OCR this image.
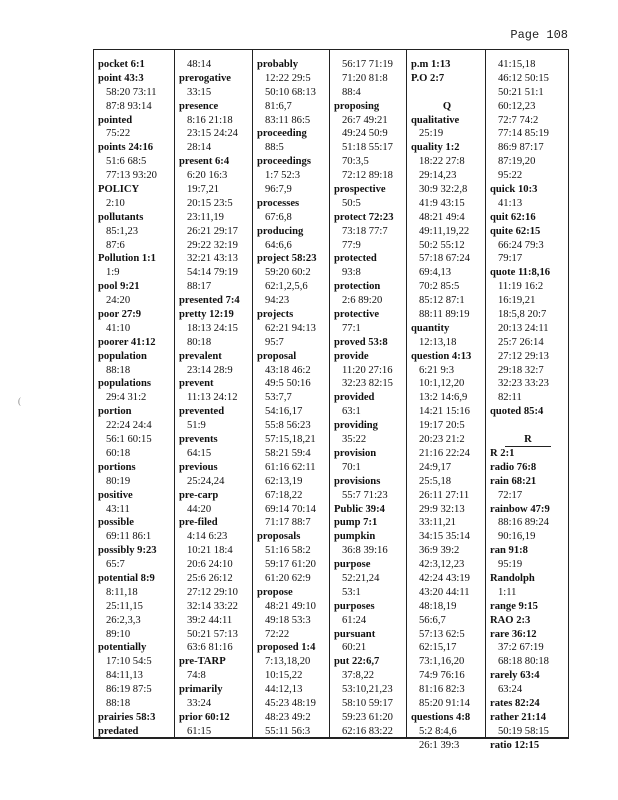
Page 108
(
pocket 6:1
point 43:3
58:20 73:11
87:8 93:14
pointed
75:22
points 24:16
51:6 68:5
77:13 93:20
POLICY
2:10
pollutants
85:1,23
87:6
Pollution 1:1
1:9
pool 9:21
24:20
poor 27:9
41:10
poorer 41:12
population
88:18
populations
29:4 31:2
portion
22:24 24:4
56:1 60:15
60:18
portions
80:19
positive
43:11
possible
69:11 86:1
possibly 9:23
65:7
potential 8:9
8:11,18
25:11,15
26:2,3,3
89:10
potentially
17:10 54:5
84:11,13
86:19 87:5
88:18
prairies 58:3
predated
48:14
prerogative
33:15
presence
8:16 21:18
23:15 24:24
28:14
present 6:4
6:20 16:3
19:7,21
20:15 23:5
23:11,19
26:21 29:17
29:22 32:19
32:21 43:13
54:14 79:19
88:17
presented 7:4
pretty 12:19
18:13 24:15
80:18
prevalent
23:14 28:9
prevent
11:13 24:12
prevented
51:9
prevents
64:15
previous
25:24,24
pre-carp
44:20
pre-filed
4:14 6:23
10:21 18:4
20:6 24:10
25:6 26:12
27:12 29:10
32:14 33:22
39:2 44:11
50:21 57:13
63:6 81:16
pre-TARP
74:8
primarily
33:24
prior 60:12
61:15
probably
12:22 29:5
50:10 68:13
81:6,7
83:11 86:5
proceeding
88:5
proceedings
1:7 52:3
96:7,9
processes
67:6,8
producing
64:6,6
project 58:23
59:20 60:2
62:1,2,5,6
94:23
projects
62:21 94:13
95:7
proposal
43:18 46:2
49:5 50:16
53:7,7
54:16,17
55:8 56:23
57:15,18,21
58:21 59:4
61:16 62:11
62:13,19
67:18,22
69:14 70:14
71:17 88:7
proposals
51:16 58:2
59:17 61:20
61:20 62:9
propose
48:21 49:10
49:18 53:3
72:22
proposed 1:4
7:13,18,20
10:15,22
44:12,13
45:23 48:19
48:23 49:2
55:11 56:3
56:17 71:19
71:20 81:8
88:4
proposing
26:7 49:21
49:24 50:9
51:18 55:17
70:3,5
72:12 89:18
prospective
50:5
protect 72:23
73:18 77:7
77:9
protected
93:8
protection
2:6 89:20
protective
77:1
proved 53:8
provide
11:20 27:16
32:23 82:15
provided
63:1
providing
35:22
provision
70:1
provisions
55:7 71:23
Public 39:4
pump 7:1
pumpkin
36:8 39:16
purpose
52:21,24
53:1
purposes
61:24
pursuant
60:21
put 22:6,7
37:8,22
53:10,21,23
58:10 59:17
59:23 61:20
62:16 83:22
p.m 1:13
P.O 2:7
Q
qualitative
25:19
quality 1:2
18:22 27:8
29:14,23
30:9 32:2,8
41:9 43:15
48:21 49:4
49:11,19,22
50:2 55:12
57:18 67:24
69:4,13
70:2 85:5
85:12 87:1
88:11 89:19
quantity
12:13,18
question 4:13
6:21 9:3
10:1,12,20
13:2 14:6,9
14:21 15:16
19:17 20:5
20:23 21:2
21:16 22:24
24:9,17
25:5,18
26:11 27:11
29:9 32:13
33:11,21
34:15 35:14
36:9 39:2
42:3,12,23
42:24 43:19
43:20 44:11
48:18,19
56:6,7
57:13 62:5
62:15,17
73:1,16,20
74:9 76:16
81:16 82:3
85:20 91:14
questions 4:8
5:2 8:4,6
26:1 39:3
41:15,18
46:12 50:15
50:21 51:1
60:12,23
72:7 74:2
77:14 85:19
86:9 87:17
87:19,20
95:22
quick 10:3
41:13
quit 62:16
quite 62:15
66:24 79:3
79:17
quote 11:8,16
11:19 16:2
16:19,21
18:5,8 20:7
20:13 24:11
25:7 26:14
27:12 29:13
29:18 32:7
32:23 33:23
82:11
quoted 85:4
R
R 2:1
radio 76:8
rain 68:21
72:17
rainbow 47:9
88:16 89:24
90:16,19
ran 91:8
95:19
Randolph
1:11
range 9:15
RAO 2:3
rare 36:12
37:2 67:19
68:18 80:18
rarely 63:4
63:24
rates 82:24
rather 21:14
50:19 58:15
ratio 12:15
